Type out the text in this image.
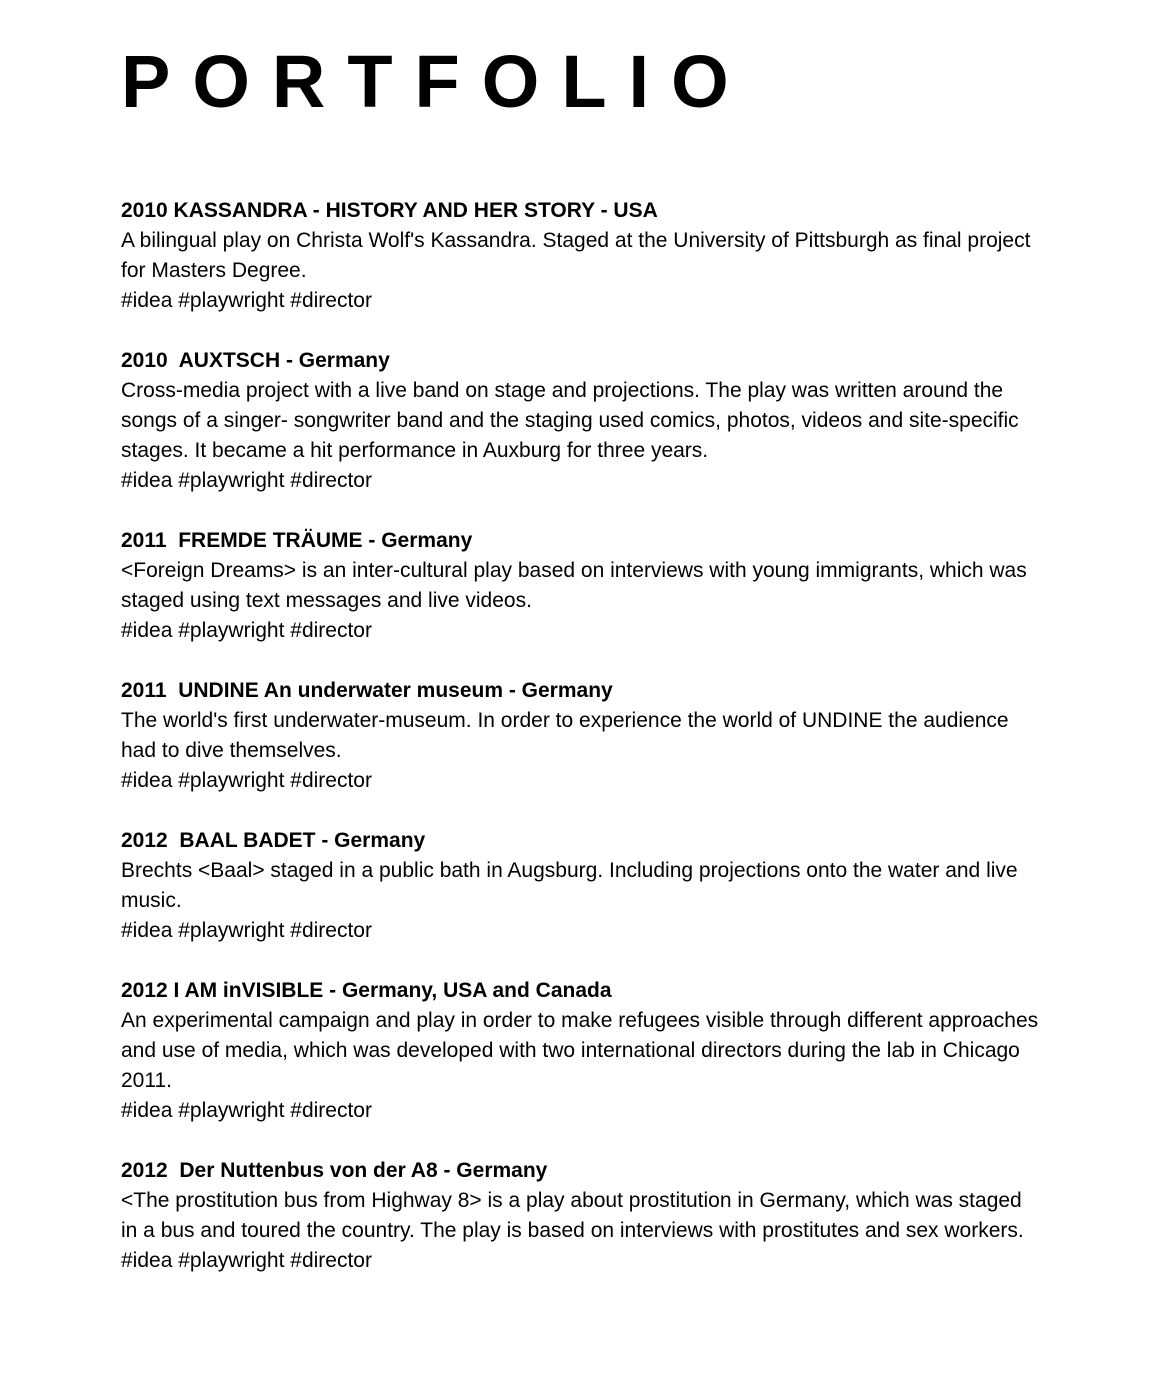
PORTFOLIO

2010 KASSANDRA - HISTORY AND HER STORY - USA

A bilingual play on Christa Wolf's Kassandra. Staged at the University of Pittsburgh as final project for Masters Degree.

#idea #playwright #director

2010  AUXTSCH - Germany

Cross-media project with a live band on stage and projections. The play was written around the songs of a singer- songwriter band and the staging used comics, photos, videos and site-specific stages. It became a hit performance in Auxburg for three years.

#idea #playwright #director

2011  FREMDE TRÄUME - Germany

<Foreign Dreams> is an inter-cultural play based on interviews with young immigrants, which was staged using text messages and live videos.

#idea #playwright #director

2011  UNDINE An underwater museum - Germany

The world's first underwater-museum. In order to experience the world of UNDINE the audience had to dive themselves.

#idea #playwright #director

2012  BAAL BADET - Germany

Brechts <Baal> staged in a public bath in Augsburg. Including projections onto the water and live music.

#idea #playwright #director

2012 I AM inVISIBLE - Germany, USA and Canada

An experimental campaign and play in order to make refugees visible through different approaches and use of media, which was developed with two international directors during the lab in Chicago 2011.

#idea #playwright #director

2012  Der Nuttenbus von der A8 - Germany

<The prostitution bus from Highway 8> is a play about prostitution in Germany, which was staged in a bus and toured the country. The play is based on interviews with prostitutes and sex workers.

#idea #playwright #director
